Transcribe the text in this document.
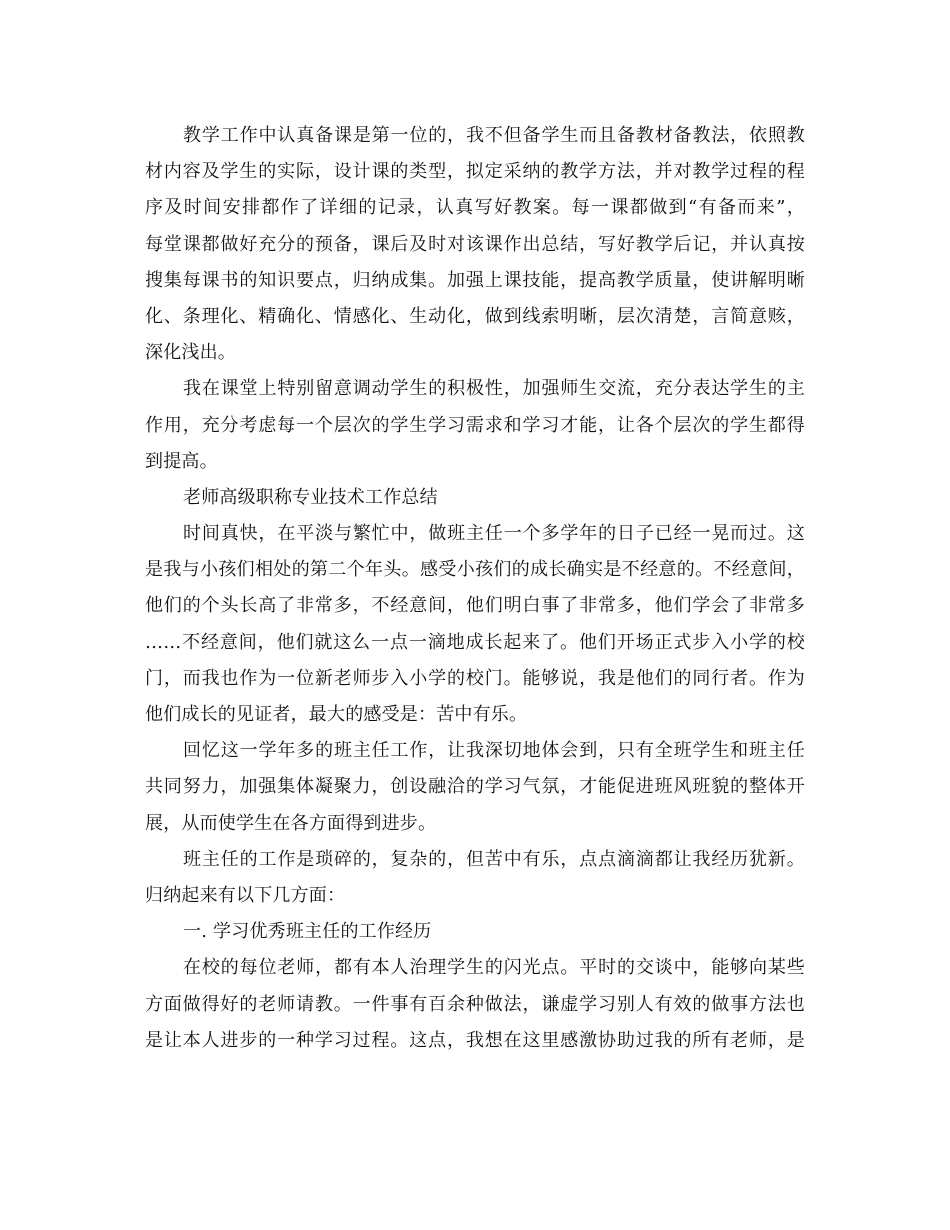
教学工作中认真备课是第一位的，我不但备学生而且备教材备教法，依照教
材内容及学生的实际，设计课的类型，拟定采纳的教学方法，并对教学过程的程
序及时间安排都作了详细的记录，认真写好教案。每一课都做到“有备而来”，
每堂课都做好充分的预备，课后及时对该课作出总结，写好教学后记，并认真按
搜集每课书的知识要点，归纳成集。加强上课技能，提高教学质量，使讲解明晰
化、条理化、精确化、情感化、生动化，做到线索明晰，层次清楚，言简意赅，
深化浅出。
我在课堂上特别留意调动学生的积极性，加强师生交流，充分表达学生的主
作用，充分考虑每一个层次的学生学习需求和学习才能，让各个层次的学生都得
到提高。
老师高级职称专业技术工作总结
时间真快，在平淡与繁忙中，做班主任一个多学年的日子已经一晃而过。这
是我与小孩们相处的第二个年头。感受小孩们的成长确实是不经意的。不经意间，
他们的个头长高了非常多，不经意间，他们明白事了非常多，他们学会了非常多
……不经意间，他们就这么一点一滴地成长起来了。他们开场正式步入小学的校
门，而我也作为一位新老师步入小学的校门。能够说，我是他们的同行者。作为
他们成长的见证者，最大的感受是：苦中有乐。
回忆这一学年多的班主任工作，让我深切地体会到，只有全班学生和班主任
共同努力，加强集体凝聚力，创设融洽的学习气氛，才能促进班风班貌的整体开
展，从而使学生在各方面得到进步。
班主任的工作是琐碎的，复杂的，但苦中有乐，点点滴滴都让我经历犹新。
归纳起来有以下几方面：
一. 学习优秀班主任的工作经历
在校的每位老师，都有本人治理学生的闪光点。平时的交谈中，能够向某些
方面做得好的老师请教。一件事有百余种做法，谦虚学习别人有效的做事方法也
是让本人进步的一种学习过程。这点，我想在这里感激协助过我的所有老师，是
